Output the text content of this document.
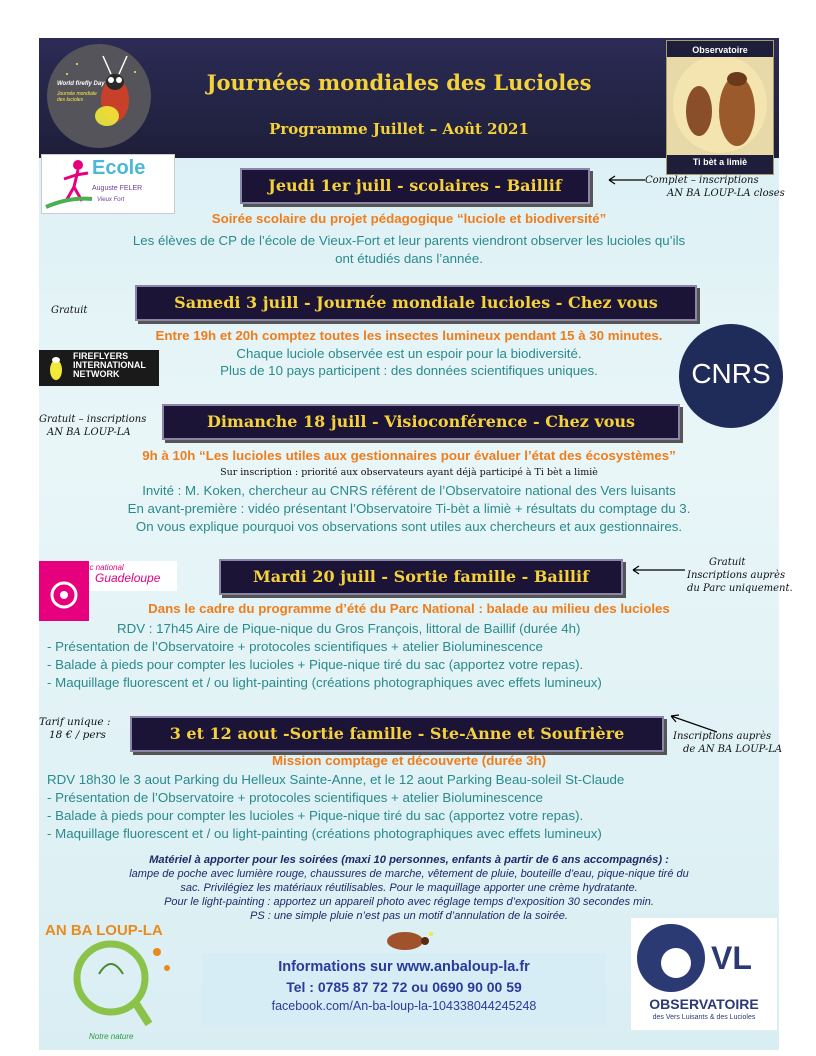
World firefly Day
Journée mondiale des lucioles
Journées mondiales des Lucioles
Programme Juillet – Août 2021
Observatoire
Ti bèt a limiè
Ecole
Auguste FELER
Vieux Fort
Jeudi 1er juill - scolaires - Baillif	Complet – inscriptions
AN BA LOUP-LA closes
Soirée scolaire du projet pédagogique “luciole et biodiversité”
Les élèves de CP de l’école de Vieux-Fort et leur parents viendront observer les lucioles qu’ils
ont étudiés dans l’année.
Gratuit	Samedi 3 juill - Journée mondiale lucioles - Chez vous
Entre 19h et 20h comptez toutes les insectes lumineux pendant 15 à 30 minutes.
FIREFLYERS
INTERNATIONAL
NETWORK
Chaque luciole observée est un espoir pour la biodiversité.
Plus de 10 pays participent : des données scientifiques uniques.
Gratuit – inscriptions
AN BA LOUP-LA
Dimanche 18 juill - Visioconférence - Chez vous
9h à 10h “Les lucioles utiles aux gestionnaires pour évaluer l’état des écosystèmes”
Sur inscription : priorité aux observateurs ayant déjà participé à Ti bèt a limiè
Invité : M. Koken, chercheur au CNRS référent de l’Observatoire national des Vers luisants
En avant-première : vidéo présentant l’Observatoire Ti-bèt a limiè + résultats du comptage du 3.
On vous explique pourquoi vos observations sont utiles aux chercheurs et aux gestionnaires.
Parc national
Guadeloupe	Mardi 20 juill - Sortie famille - Baillif
Gratuit
Inscriptions auprès
du Parc uniquement.
Dans le cadre du programme d’été du Parc National : balade au milieu des lucioles
RDV : 17h45 Aire de Pique-nique du Gros François, littoral de Baillif (durée 4h)
- Présentation de l’Observatoire + protocoles scientifiques + atelier Bioluminescence
- Balade à pieds pour compter les lucioles + Pique-nique tiré du sac (apportez votre repas).
- Maquillage fluorescent et / ou light-painting (créations photographiques avec effets lumineux)
Tarif unique :
18 € / pers	3 et 12 aout -Sortie famille - Ste-Anne et Soufrière	Inscriptions auprès
de AN BA LOUP-LA
Mission comptage et découverte (durée 3h)
RDV 18h30 le 3 aout Parking du Helleux Sainte-Anne, et le 12 aout Parking Beau-soleil St-Claude
- Présentation de l’Observatoire + protocoles scientifiques + atelier Bioluminescence
- Balade à pieds pour compter les lucioles + Pique-nique tiré du sac (apportez votre repas).
- Maquillage fluorescent et / ou light-painting (créations photographiques avec effets lumineux)
Matériel à apporter pour les soirées (maxi 10 personnes, enfants à partir de 6 ans accompagnés) :
lampe de poche avec lumière rouge, chaussures de marche, vêtement de pluie, bouteille d’eau, pique-nique tiré du
sac. Privilégiez les matériaux réutilisables. Pour le maquillage apporter une crème hydratante.
Pour le light-painting : apportez un appareil photo avec réglage temps d’exposition 30 secondes min.
PS : une simple pluie n’est pas un motif d’annulation de la soirée.
AN BA LOUP-LA
Notre nature
Informations sur www.anbaloup-la.fr
Tel : 0785 87 72 72 ou 0690 90 00 59
facebook.com/An-ba-loup-la-104338044245248
VL
OBSERVATOIRE
des Vers Luisants & des Lucioles
CNRS
